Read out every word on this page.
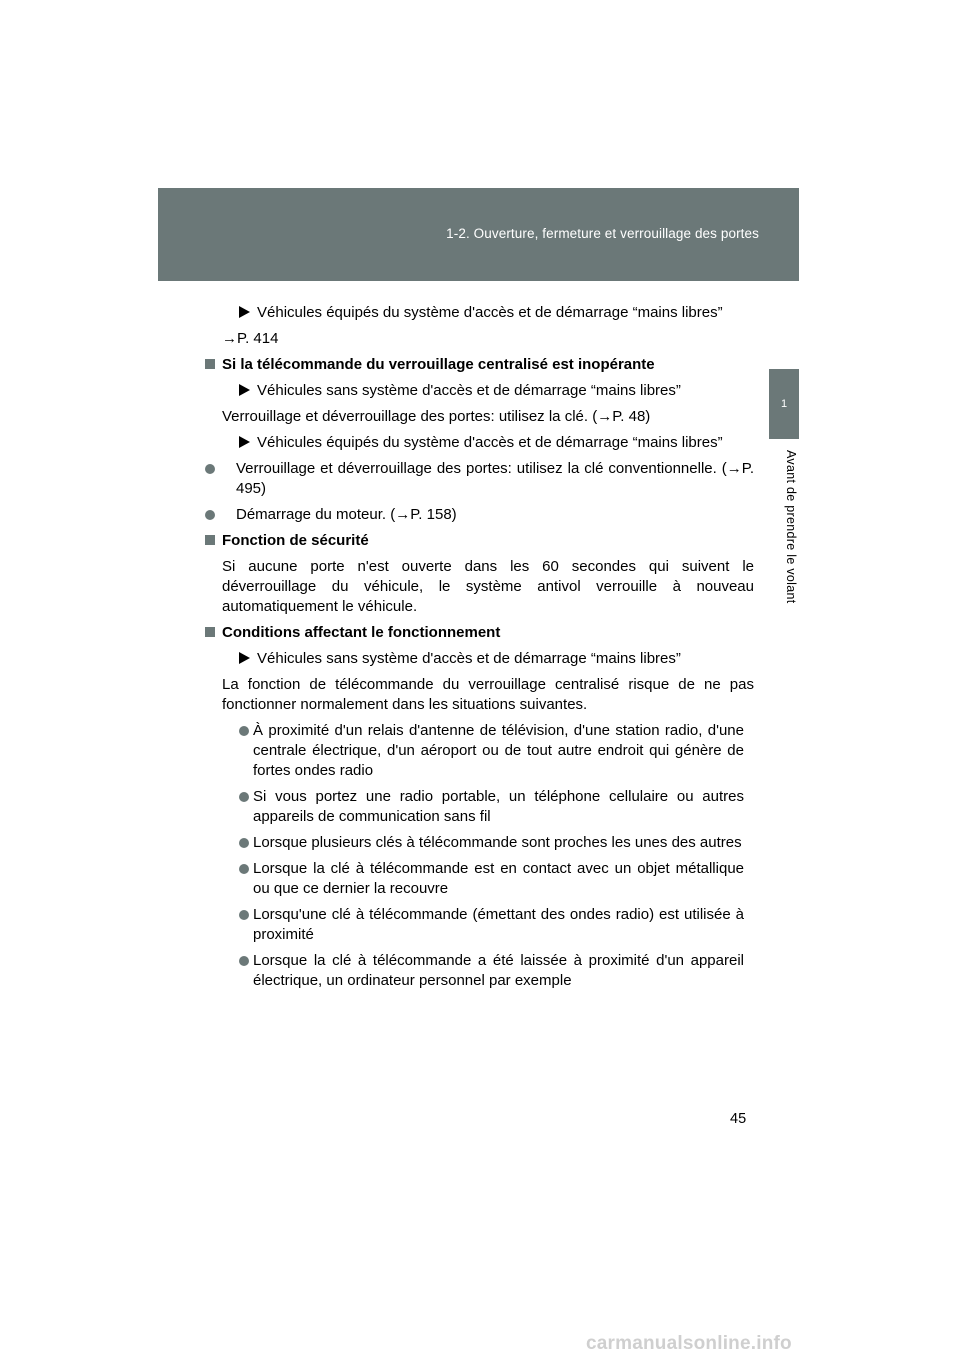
1-2. Ouverture, fermeture et verrouillage des portes
1
Avant de prendre le volant
Véhicules équipés du système d'accès et de démarrage “mains libres”
→P. 414
Si la télécommande du verrouillage centralisé est inopérante
Véhicules sans système d'accès et de démarrage “mains libres”
Verrouillage et déverrouillage des portes: utilisez la clé. (→P. 48)
Véhicules équipés du système d'accès et de démarrage “mains libres”
Verrouillage et déverrouillage des portes: utilisez la clé conventionnelle. (→P. 495)
Démarrage du moteur. (→P. 158)
Fonction de sécurité
Si aucune porte n'est ouverte dans les 60 secondes qui suivent le déverrouillage du véhicule, le système antivol verrouille à nouveau automatiquement le véhicule.
Conditions affectant le fonctionnement
Véhicules sans système d'accès et de démarrage “mains libres”
La fonction de télécommande du verrouillage centralisé risque de ne pas fonctionner normalement dans les situations suivantes.
À proximité d'un relais d'antenne de télévision, d'une station radio, d'une centrale électrique, d'un aéroport ou de tout autre endroit qui génère de fortes ondes radio
Si vous portez une radio portable, un téléphone cellulaire ou autres appareils de communication sans fil
Lorsque plusieurs clés à télécommande sont proches les unes des autres
Lorsque la clé à télécommande est en contact avec un objet métallique ou que ce dernier la recouvre
Lorsqu'une clé à télécommande (émettant des ondes radio) est utilisée à proximité
Lorsque la clé à télécommande a été laissée à proximité d'un appareil électrique, un ordinateur personnel par exemple
45
carmanualsonline.info
